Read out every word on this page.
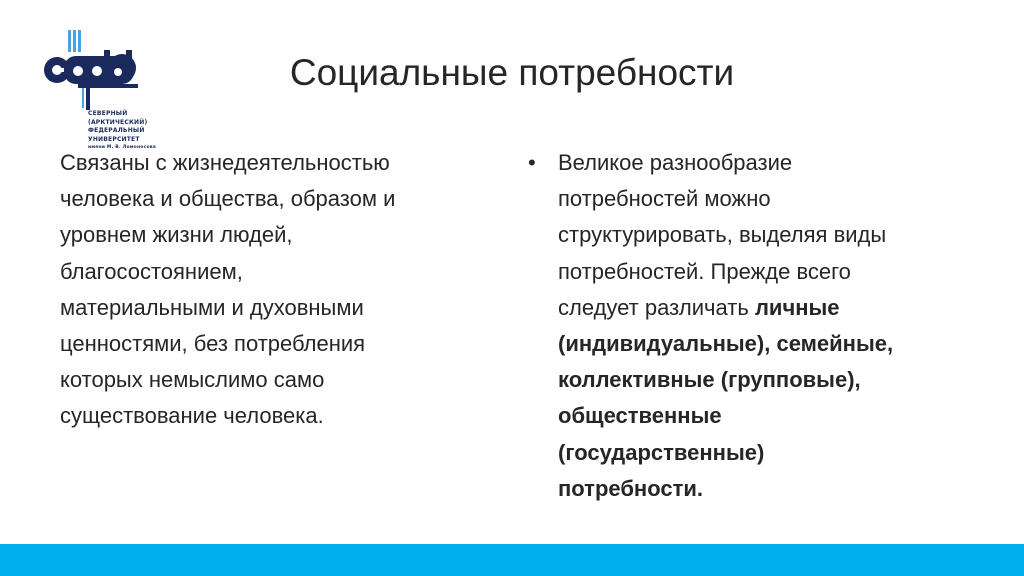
СЕВЕРНЫЙ
(АРКТИЧЕСКИЙ)
ФЕДЕРАЛЬНЫЙ
УНИВЕРСИТЕТ
имени М. В. Ломоносова
Социальные потребности

Связаны с жизнедеятельностью
человека и общества, образом и
уровнем жизни людей,
благосостоянием,
материальными и духовными
ценностями, без потребления
которых немыслимо само
существование человека.

• Великое разнообразие
потребностей можно
структурировать, выделяя виды
потребностей. Прежде всего
следует различать личные
(индивидуальные), семейные,
коллективные (групповые),
общественные
(государственные)
потребности.
